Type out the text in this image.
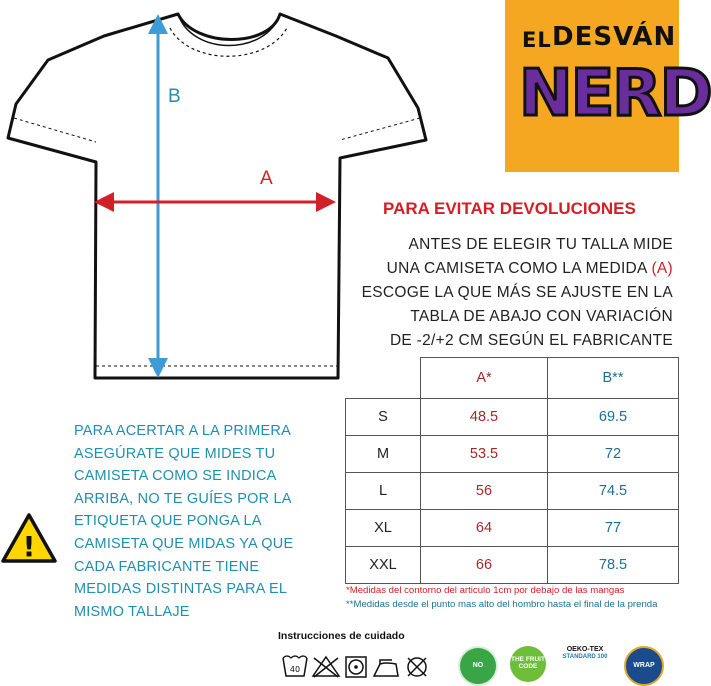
B
A
EL DESVÁN
NERD
PARA EVITAR DEVOLUCIONES
ANTES DE ELEGIR TU TALLA MIDE
UNA CAMISETA COMO LA MEDIDA (A)
ESCOGE LA QUE MÁS SE AJUSTE EN LA
TABLA DE ABAJO CON VARIACIÓN
DE -2/+2 CM SEGÚN EL FABRICANTE
	A*	B**
S	48.5	69.5
M	53.5	72
L	56	74.5
XL	64	77
XXL	66	78.5
*Medidas del contorno del articulo 1cm por debajo de las mangas
**Medidas desde el punto mas alto del hombro hasta el final de la prenda
!
PARA ACERTAR A LA PRIMERA
ASEGÚRATE QUE MIDES TU
CAMISETA COMO SE INDICA
ARRIBA, NO TE GUÍES POR LA
ETIQUETA QUE PONGA LA
CAMISETA QUE MIDAS YA QUE
CADA FABRICANTE TIENE
MEDIDAS DISTINTAS PARA EL
MISMO TALLAJE
Instrucciones de cuidado
40	NO
THE FRUIT CODE
OEKO-TEX
STANDARD 100
WRAP
